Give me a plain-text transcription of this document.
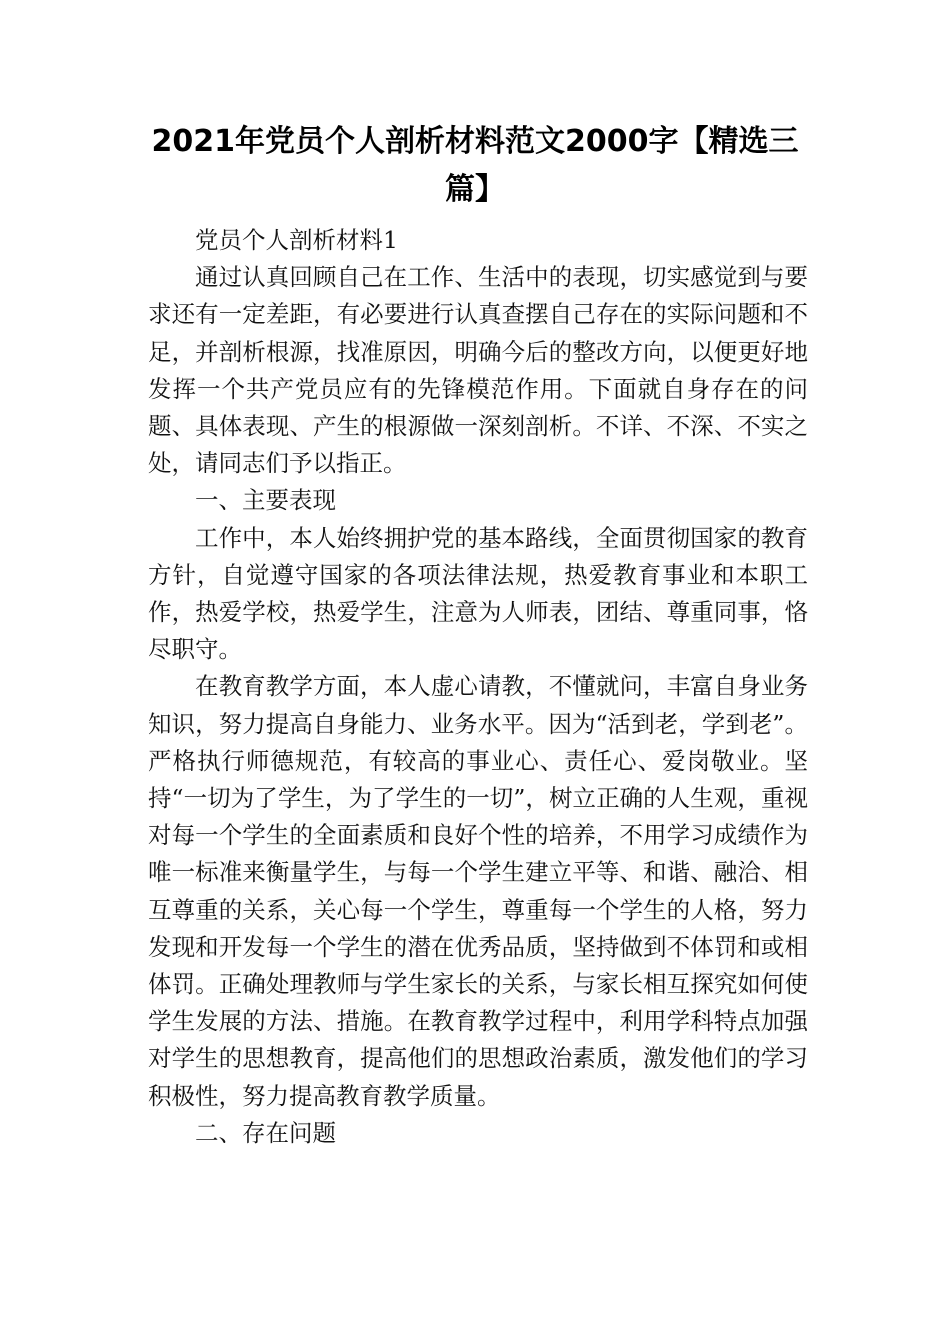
2021年党员个人剖析材料范文2000字【精选三篇】

党员个人剖析材料1

通过认真回顾自己在工作、生活中的表现，切实感觉到与要求还有一定差距，有必要进行认真查摆自己存在的实际问题和不足，并剖析根源，找准原因，明确今后的整改方向，以便更好地发挥一个共产党员应有的先锋模范作用。下面就自身存在的问题、具体表现、产生的根源做一深刻剖析。不详、不深、不实之处，请同志们予以指正。

一、主要表现

工作中，本人始终拥护党的基本路线，全面贯彻国家的教育方针，自觉遵守国家的各项法律法规，热爱教育事业和本职工作，热爱学校，热爱学生，注意为人师表，团结、尊重同事，恪尽职守。

在教育教学方面，本人虚心请教，不懂就问，丰富自身业务知识，努力提高自身能力、业务水平。因为“活到老，学到老”。严格执行师德规范，有较高的事业心、责任心、爱岗敬业。坚持“一切为了学生，为了学生的一切”，树立正确的人生观，重视对每一个学生的全面素质和良好个性的培养，不用学习成绩作为唯一标准来衡量学生，与每一个学生建立平等、和谐、融洽、相互尊重的关系，关心每一个学生，尊重每一个学生的人格，努力发现和开发每一个学生的潜在优秀品质，坚持做到不体罚和或相体罚。正确处理教师与学生家长的关系，与家长相互探究如何使学生发展的方法、措施。在教育教学过程中，利用学科特点加强对学生的思想教育，提高他们的思想政治素质，激发他们的学习积极性，努力提高教育教学质量。

二、存在问题
